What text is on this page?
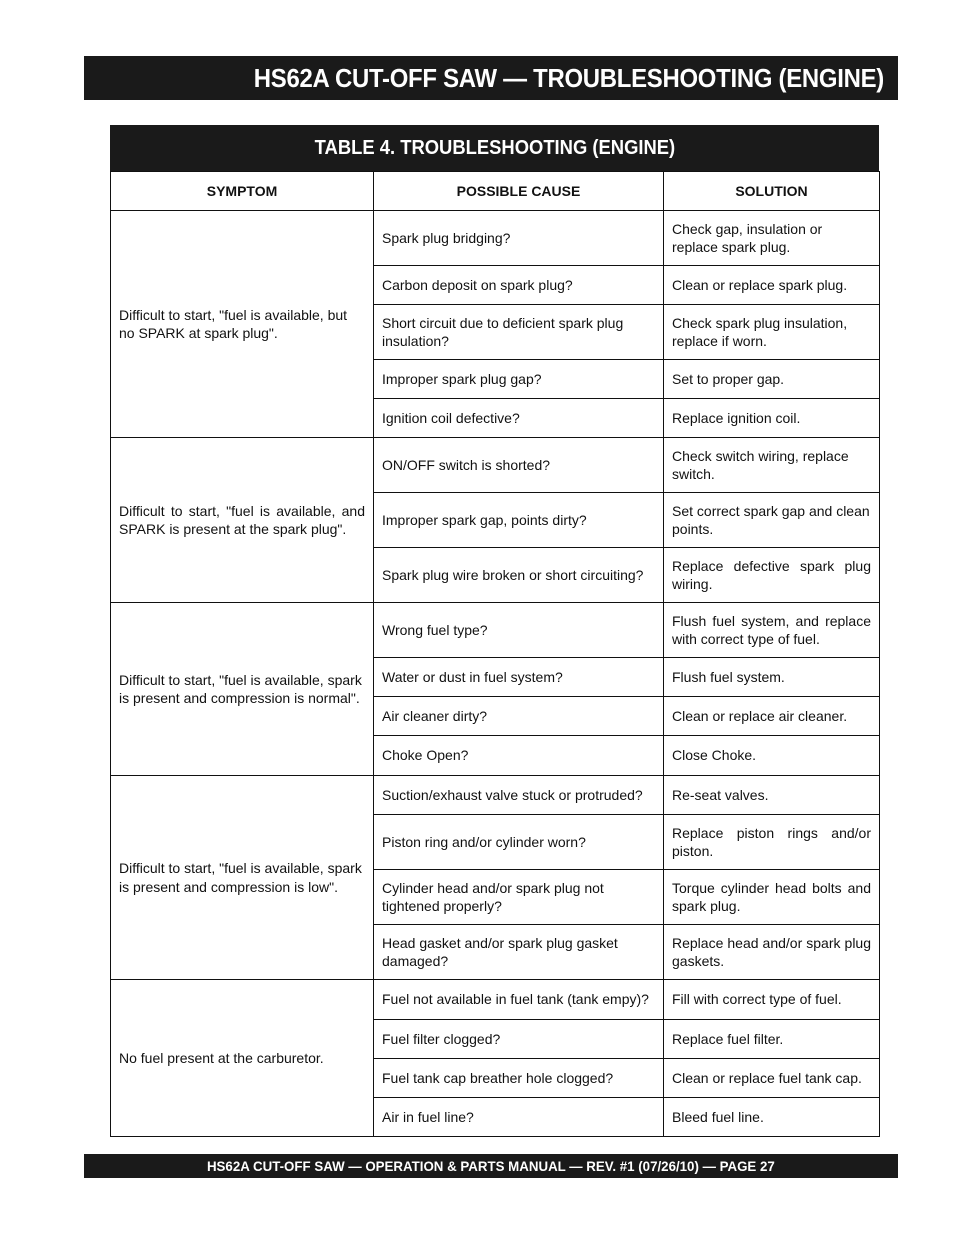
HS62A CUT-OFF SAW — TROUBLESHOOTING (ENGINE)
TABLE 4. TROUBLESHOOTING (ENGINE)
SYMPTOM	POSSIBLE CAUSE	SOLUTION
Difficult to start, "fuel is available, but no SPARK at spark plug".	Spark plug bridging?	Check gap, insulation or replace spark plug.
	Carbon deposit on spark plug?	Clean or replace spark plug.
	Short circuit due to deficient spark plug insulation?	Check spark plug insulation, replace if worn.
	Improper spark plug gap?	Set to proper gap.
	Ignition coil defective?	Replace ignition coil.
Difficult to start, "fuel is available, and SPARK is present at the spark plug".	ON/OFF switch is shorted?	Check switch wiring, replace switch.
	Improper spark gap, points dirty?	Set correct spark gap and clean points.
	Spark plug wire broken or short circuiting?	Replace defective spark plug wiring.
Difficult to start, "fuel is available, spark is present and compression is normal".	Wrong fuel type?	Flush fuel system, and replace with correct type of fuel.
	Water or dust in fuel system?	Flush fuel system.
	Air cleaner dirty?	Clean or replace air cleaner.
	Choke Open?	Close Choke.
Difficult to start, "fuel is available, spark is present and compression is low".	Suction/exhaust valve stuck or protruded?	Re-seat valves.
	Piston ring and/or cylinder worn?	Replace piston rings and/or piston.
	Cylinder head and/or spark plug not tightened properly?	Torque cylinder head bolts and spark plug.
	Head gasket and/or spark plug gasket damaged?	Replace head and/or spark plug gaskets.
No fuel present at the carburetor.	Fuel not available in fuel tank (tank empy)?	Fill with correct type of fuel.
	Fuel filter clogged?	Replace fuel filter.
	Fuel tank cap breather hole clogged?	Clean or replace fuel tank cap.
	Air in fuel line?	Bleed fuel line.
HS62A CUT-OFF SAW — OPERATION & PARTS MANUAL — REV. #1 (07/26/10) — PAGE 27
